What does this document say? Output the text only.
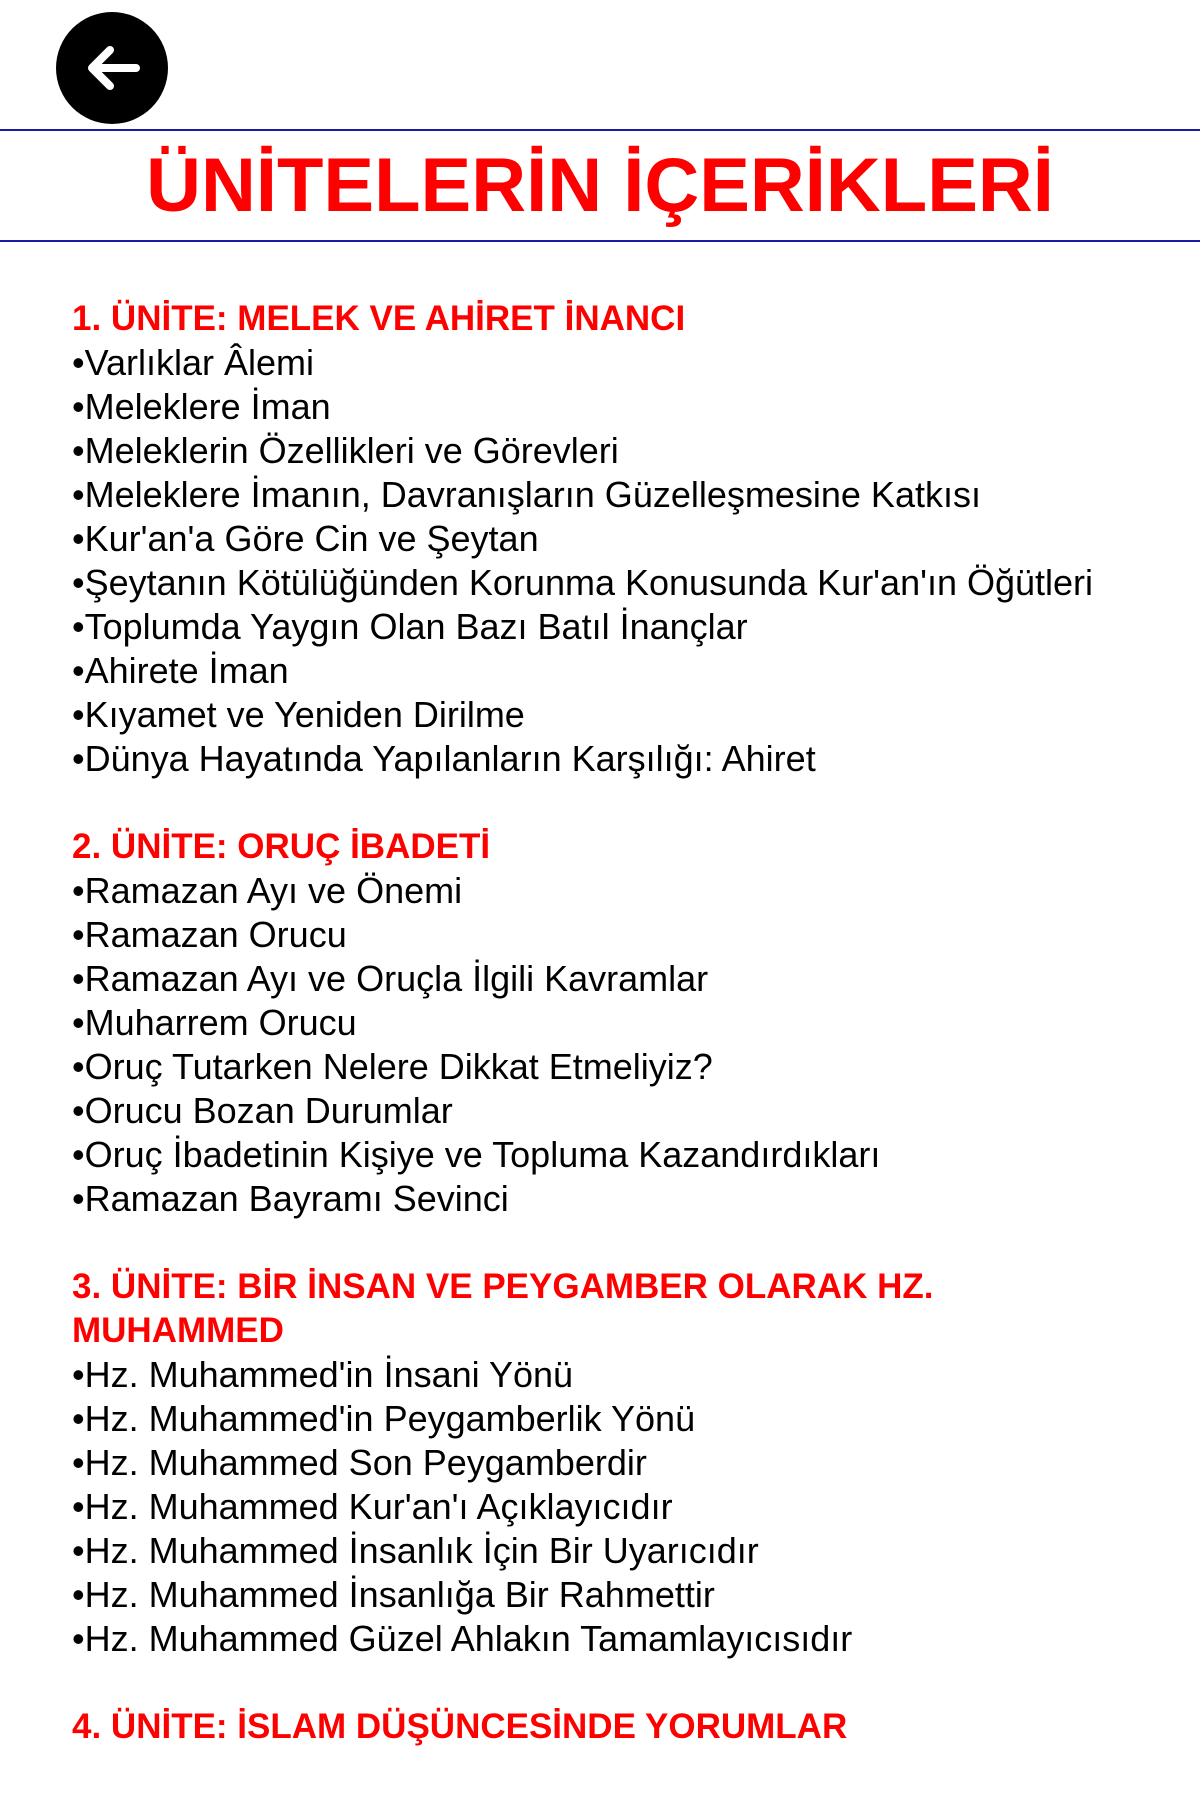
ÜNİTELERİN İÇERİKLERİ
1. ÜNİTE: MELEK VE AHİRET İNANCI
•Varlıklar Âlemi
•Meleklere İman
•Meleklerin Özellikleri ve Görevleri
•Meleklere İmanın, Davranışların Güzelleşmesine Katkısı
•Kur'an'a Göre Cin ve Şeytan
•Şeytanın Kötülüğünden Korunma Konusunda Kur'an'ın Öğütleri
•Toplumda Yaygın Olan Bazı Batıl İnançlar
•Ahirete İman
•Kıyamet ve Yeniden Dirilme
•Dünya Hayatında Yapılanların Karşılığı: Ahiret
2. ÜNİTE: ORUÇ İBADETİ
•Ramazan Ayı ve Önemi
•Ramazan Orucu
•Ramazan Ayı ve Oruçla İlgili Kavramlar
•Muharrem Orucu
•Oruç Tutarken Nelere Dikkat Etmeliyiz?
•Orucu Bozan Durumlar
•Oruç İbadetinin Kişiye ve Topluma Kazandırdıkları
•Ramazan Bayramı Sevinci
3. ÜNİTE: BİR İNSAN VE PEYGAMBER OLARAK HZ. MUHAMMED
•Hz. Muhammed'in İnsani Yönü
•Hz. Muhammed'in Peygamberlik Yönü
•Hz. Muhammed Son Peygamberdir
•Hz. Muhammed Kur'an'ı Açıklayıcıdır
•Hz. Muhammed İnsanlık İçin Bir Uyarıcıdır
•Hz. Muhammed İnsanlığa Bir Rahmettir
•Hz. Muhammed Güzel Ahlakın Tamamlayıcısıdır
4. ÜNİTE: İSLAM DÜŞÜNCESİNDE YORUMLAR
